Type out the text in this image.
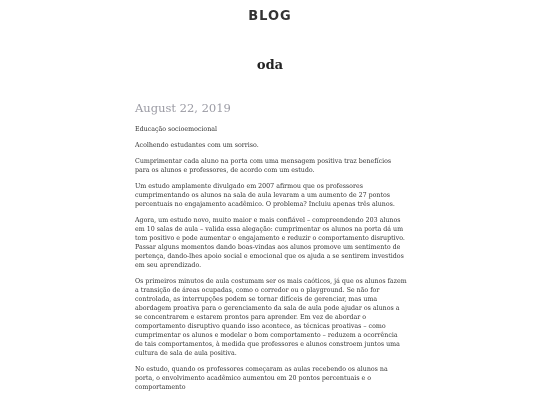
BLOG
oda
August 22, 2019

Educação socioemocional

Acolhendo estudantes com um sorriso.

Cumprimentar cada aluno na porta com uma mensagem positiva traz benefícios para os alunos e professores, de acordo com um estudo.

Um estudo amplamente divulgado em 2007 afirmou que os professores cumprimentando os alunos na sala de aula levaram a um aumento de 27 pontos percentuais no engajamento acadêmico. O problema? Incluiu apenas três alunos.

Agora, um estudo novo, muito maior e mais confiável – compreendendo 203 alunos em 10 salas de aula – valida essa alegação: cumprimentar os alunos na porta dá um tom positivo e pode aumentar o engajamento e reduzir o comportamento disruptivo. Passar alguns momentos dando boas-vindas aos alunos promove um sentimento de pertença, dando-lhes apoio social e emocional que os ajuda a se sentirem investidos em seu aprendizado.

Os primeiros minutos de aula costumam ser os mais caóticos, já que os alunos fazem a transição de áreas ocupadas, como o corredor ou o playground. Se não for controlada, as interrupções podem se tornar difíceis de gerenciar, mas uma abordagem proativa para o gerenciamento da sala de aula pode ajudar os alunos a se concentrarem e estarem prontos para aprender. Em vez de abordar o comportamento disruptivo quando isso acontece, as técnicas proativas – como cumprimentar os alunos e modelar o bom comportamento – reduzem a ocorrência de tais comportamentos, à medida que professores e alunos constroem juntos uma cultura de sala de aula positiva.

No estudo, quando os professores começaram as aulas recebendo os alunos na porta, o envolvimento acadêmico aumentou em 20 pontos percentuais e o comportamento
